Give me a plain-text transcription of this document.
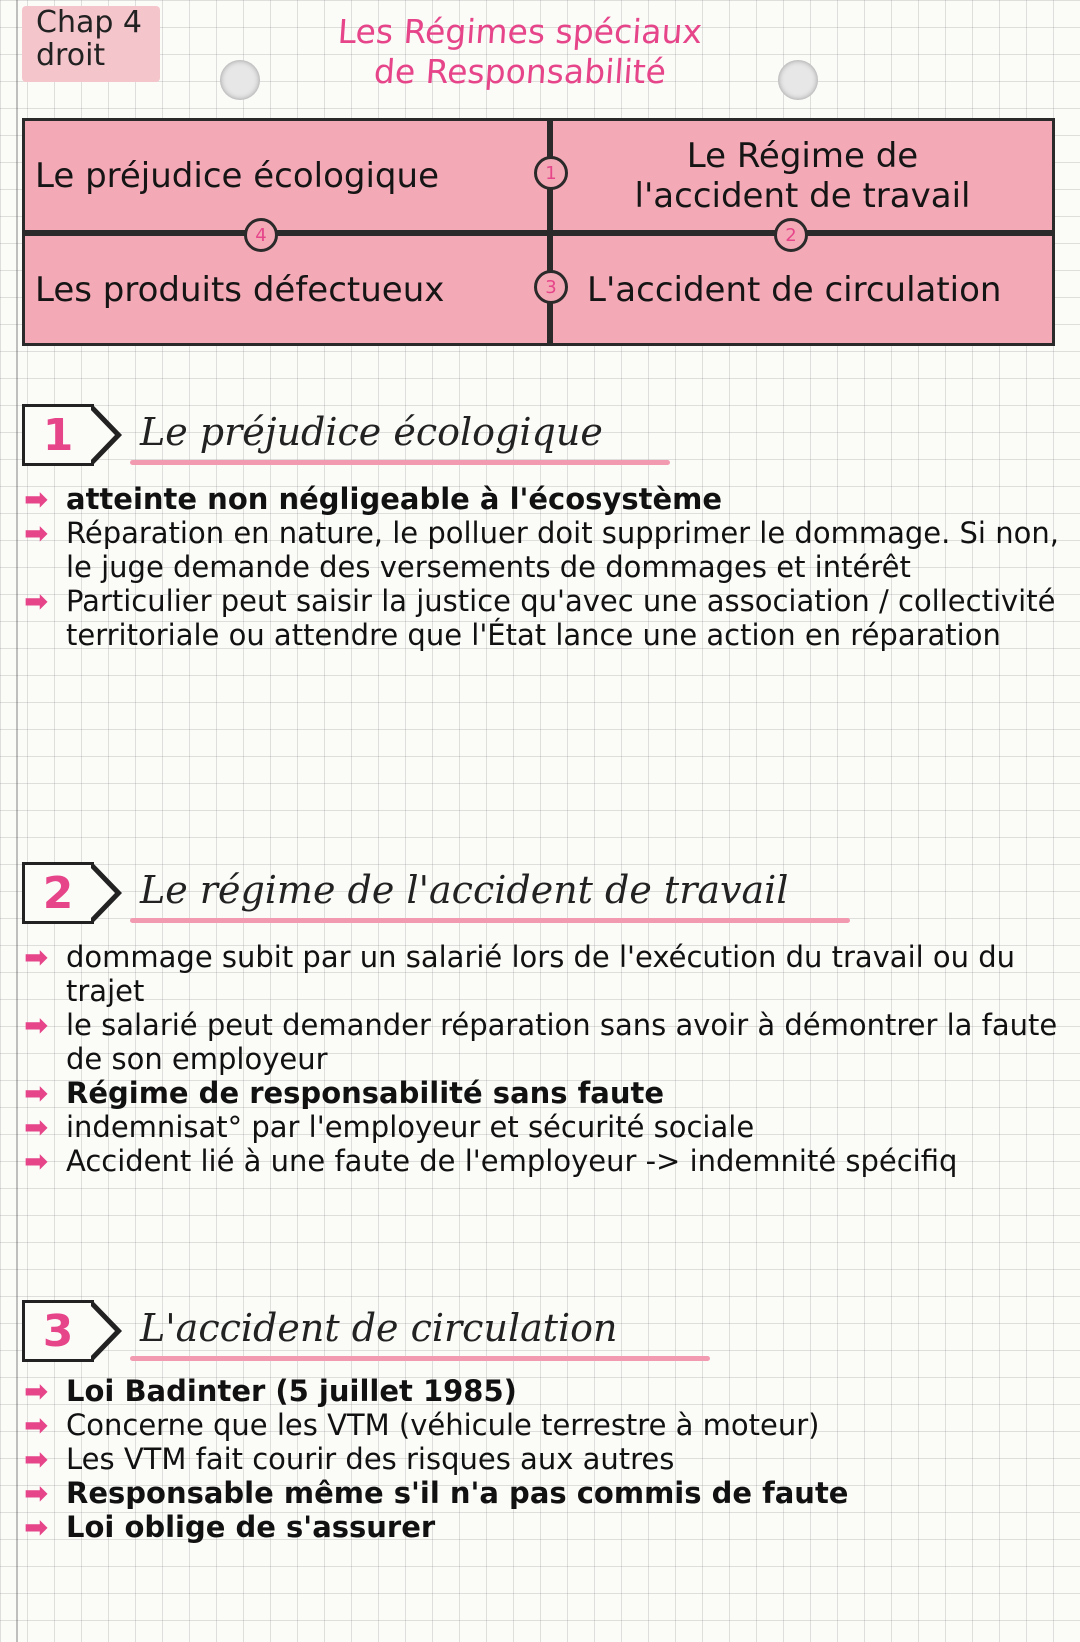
Chap 4
droit
Les Régimes spéciaux
de Responsabilité
Le préjudice écologique	Le Régime de
l'accident de travail
Les produits défectueux	L'accident de circulation
1
2
3
4
1	Le préjudice écologique
➡ atteinte non négligeable à l'écosystème
➡ Réparation en nature, le polluer doit supprimer le dommage. Si non, le juge demande des versements de dommages et intérêt
➡ Particulier peut saisir la justice qu'avec une association / collectivité territoriale ou attendre que l'État lance une action en réparation
2	Le régime de l'accident de travail
➡ dommage subit par un salarié lors de l'exécution du travail ou du trajet
➡ le salarié peut demander réparation sans avoir à démontrer la faute de son employeur
➡ Régime de responsabilité sans faute
➡ indemnisat° par l'employeur et sécurité sociale
➡ Accident lié à une faute de l'employeur -> indemnité spécifiq
3	L'accident de circulation
➡ Loi Badinter (5 juillet 1985)
➡ Concerne que les VTM (véhicule terrestre à moteur)
➡ Les VTM fait courir des risques aux autres
➡ Responsable même s'il n'a pas commis de faute
➡ Loi oblige de s'assurer
